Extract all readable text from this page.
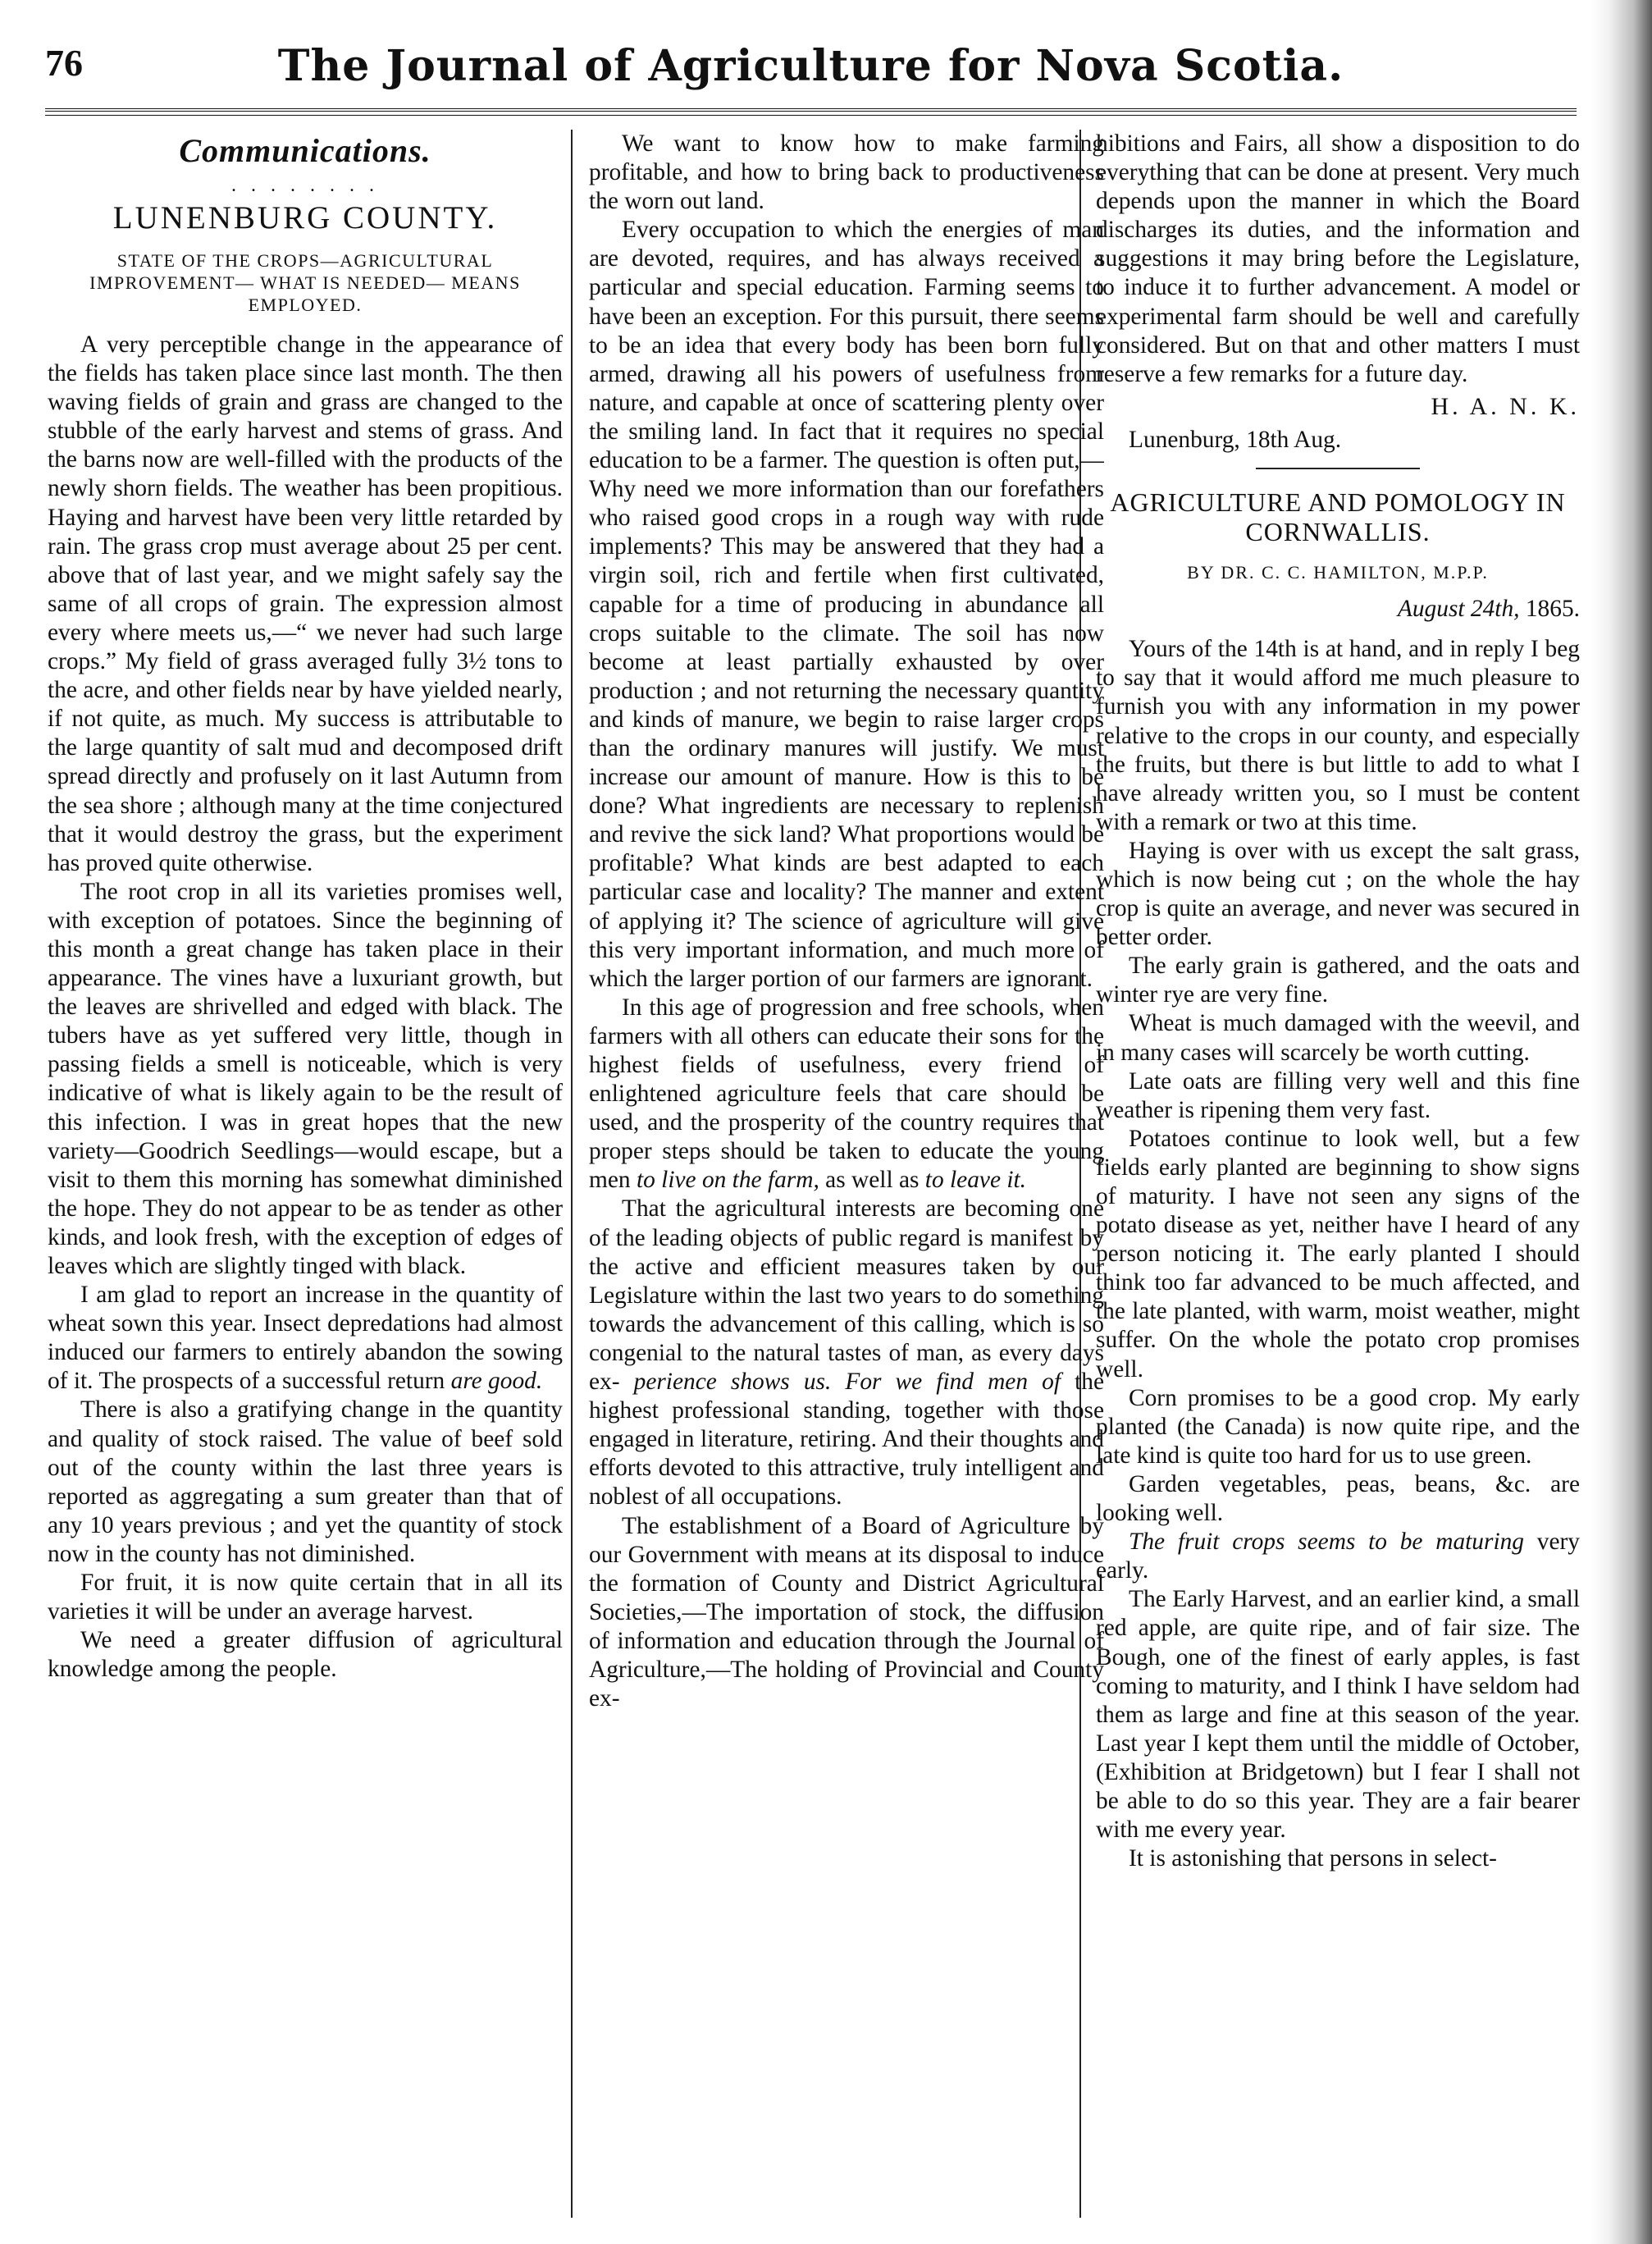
76	The Journal of Agriculture for Nova Scotia.
Communications.
. . . . . . . .
LUNENBURG COUNTY.
STATE OF THE CROPS—AGRICULTURAL IMPROVEMENT— WHAT IS NEEDED— MEANS EMPLOYED.

A very perceptible change in the appearance of the fields has taken place since last month. The then waving fields of grain and grass are changed to the stubble of the early harvest and stems of grass. And the barns now are well-filled with the products of the newly shorn fields. The weather has been propitious. Haying and harvest have been very little retarded by rain. The grass crop must average about 25 per cent. above that of last year, and we might safely say the same of all crops of grain. The expression almost every where meets us,—“ we never had such large crops.” My field of grass averaged fully 3½ tons to the acre, and other fields near by have yielded nearly, if not quite, as much. My success is attributable to the large quantity of salt mud and decomposed drift spread directly and profusely on it last Autumn from the sea shore ; although many at the time conjectured that it would destroy the grass, but the experiment has proved quite otherwise.

The root crop in all its varieties promises well, with exception of potatoes. Since the beginning of this month a great change has taken place in their appearance. The vines have a luxuriant growth, but the leaves are shrivelled and edged with black. The tubers have as yet suffered very little, though in passing fields a smell is noticeable, which is very indicative of what is likely again to be the result of this infection. I was in great hopes that the new variety—Goodrich Seedlings—would escape, but a visit to them this morning has somewhat diminished the hope. They do not appear to be as tender as other kinds, and look fresh, with the exception of edges of leaves which are slightly tinged with black.

I am glad to report an increase in the quantity of wheat sown this year. Insect depredations had almost induced our farmers to entirely abandon the sowing of it. The prospects of a successful return are good.

There is also a gratifying change in the quantity and quality of stock raised. The value of beef sold out of the county within the last three years is reported as aggregating a sum greater than that of any 10 years previous ; and yet the quantity of stock now in the county has not diminished.

For fruit, it is now quite certain that in all its varieties it will be under an average harvest.

We need a greater diffusion of agricultural knowledge among the people.

We want to know how to make farming profitable, and how to bring back to productiveness the worn out land.

Every occupation to which the energies of man are devoted, requires, and has always received a particular and special education. Farming seems to have been an exception. For this pursuit, there seems to be an idea that every body has been born fully armed, drawing all his powers of usefulness from nature, and capable at once of scattering plenty over the smiling land. In fact that it requires no special education to be a farmer. The question is often put,— Why need we more information than our forefathers who raised good crops in a rough way with rude implements? This may be answered that they had a virgin soil, rich and fertile when first cultivated, capable for a time of producing in abundance all crops suitable to the climate. The soil has now become at least partially exhausted by over production ; and not returning the necessary quantity and kinds of manure, we begin to raise larger crops than the ordinary manures will justify. We must increase our amount of manure. How is this to be done? What ingredients are necessary to replenish and revive the sick land? What proportions would be profitable? What kinds are best adapted to each particular case and locality? The manner and extent of applying it? The science of agriculture will give this very important information, and much more of which the larger portion of our farmers are ignorant.

In this age of progression and free schools, when farmers with all others can educate their sons for the highest fields of usefulness, every friend of enlightened agriculture feels that care should be used, and the prosperity of the country requires that proper steps should be taken to educate the young men to live on the farm, as well as to leave it.

That the agricultural interests are becoming one of the leading objects of public regard is manifest by the active and efficient measures taken by our Legislature within the last two years to do something towards the advancement of this calling, which is so congenial to the natural tastes of man, as every days ex- perience shows us. For we find men of the highest professional standing, together with those engaged in literature, retiring. And their thoughts and efforts devoted to this attractive, truly intelligent and noblest of all occupations.

The establishment of a Board of Agriculture by our Government with means at its disposal to induce the formation of County and District Agricultural Societies,—The importation of stock, the diffusion of information and education through the Journal of Agriculture,—The holding of Provincial and County ex-

hibitions and Fairs, all show a disposition to do everything that can be done at present. Very much depends upon the manner in which the Board discharges its duties, and the information and suggestions it may bring before the Legislature, to induce it to further advancement. A model or experimental farm should be well and carefully considered. But on that and other matters I must reserve a few remarks for a future day.

H. A. N. K.
Lunenburg, 18th Aug.
AGRICULTURE AND POMOLOGY IN CORNWALLIS.
BY DR. C. C. HAMILTON, M.P.P.
August 24th, 1865.

Yours of the 14th is at hand, and in reply I beg to say that it would afford me much pleasure to furnish you with any information in my power relative to the crops in our county, and especially the fruits, but there is but little to add to what I have already written you, so I must be content with a remark or two at this time.

Haying is over with us except the salt grass, which is now being cut ; on the whole the hay crop is quite an average, and never was secured in better order.

The early grain is gathered, and the oats and winter rye are very fine.

Wheat is much damaged with the weevil, and in many cases will scarcely be worth cutting.

Late oats are filling very well and this fine weather is ripening them very fast.

Potatoes continue to look well, but a few fields early planted are beginning to show signs of maturity. I have not seen any signs of the potato disease as yet, neither have I heard of any person noticing it. The early planted I should think too far advanced to be much affected, and the late planted, with warm, moist weather, might suffer. On the whole the potato crop promises well.

Corn promises to be a good crop. My early planted (the Canada) is now quite ripe, and the late kind is quite too hard for us to use green.

Garden vegetables, peas, beans, &c. are looking well.

The fruit crops seems to be maturing very early.

The Early Harvest, and an earlier kind, a small red apple, are quite ripe, and of fair size. The Bough, one of the finest of early apples, is fast coming to maturity, and I think I have seldom had them as large and fine at this season of the year. Last year I kept them until the middle of October, (Exhibition at Bridgetown) but I fear I shall not be able to do so this year. They are a fair bearer with me every year.

It is astonishing that persons in select-
